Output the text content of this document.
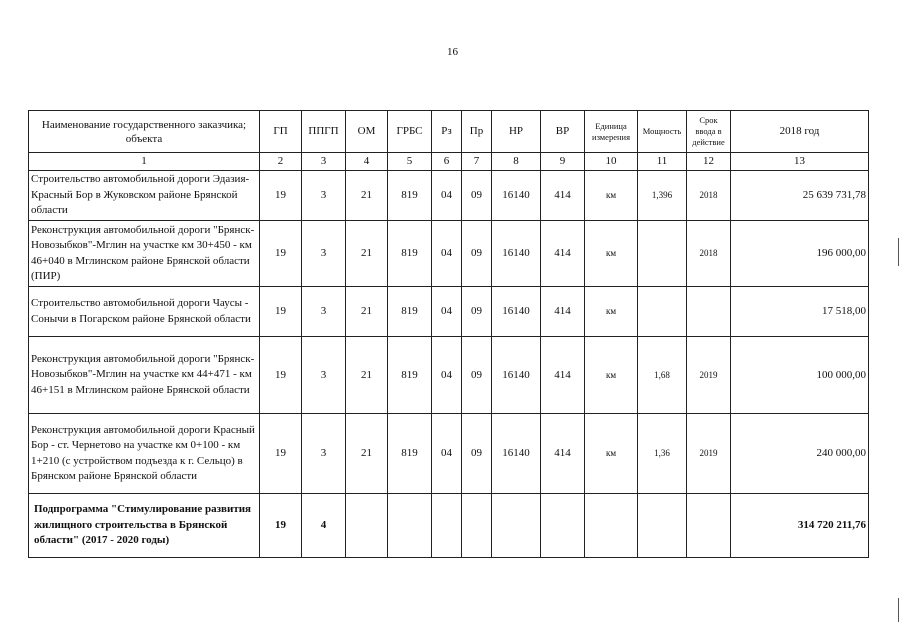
16
Наименование государственного заказчика; объекта	ГП	ППГП	ОМ	ГРБС	Рз	Пр	НР	ВР	Единица измерения	Мощность	Срок ввода в действие	2018 год
1	2	3	4	5	6	7	8	9	10	11	12	13
Строительство автомобильной дороги Эдазия-Красный Бор в Жуковском районе Брянской области	19	3	21	819	04	09	16140	414	км	1,396	2018	25 639 731,78
Реконструкция автомобильной дороги "Брянск-Новозыбков"-Мглин на участке км 30+450 - км 46+040 в Мглинском районе Брянской области (ПИР)	19	3	21	819	04	09	16140	414	км		2018	196 000,00
Строительство автомобильной дороги Чаусы - Сонычи в Погарском районе Брянской области	19	3	21	819	04	09	16140	414	км			17 518,00
Реконструкция автомобильной дороги "Брянск-Новозыбков"-Мглин на участке км 44+471 - км 46+151 в Мглинском районе Брянской области	19	3	21	819	04	09	16140	414	км	1,68	2019	100 000,00
Реконструкция автомобильной дороги Красный Бор - ст. Чернетово на участке км 0+100 - км 1+210 (с устройством подъезда к г. Сельцо) в Брянском районе Брянской области	19	3	21	819	04	09	16140	414	км	1,36	2019	240 000,00
Подпрограмма "Стимулирование развития жилищного строительства в Брянской области" (2017 - 2020 годы)	19	4										314 720 211,76
